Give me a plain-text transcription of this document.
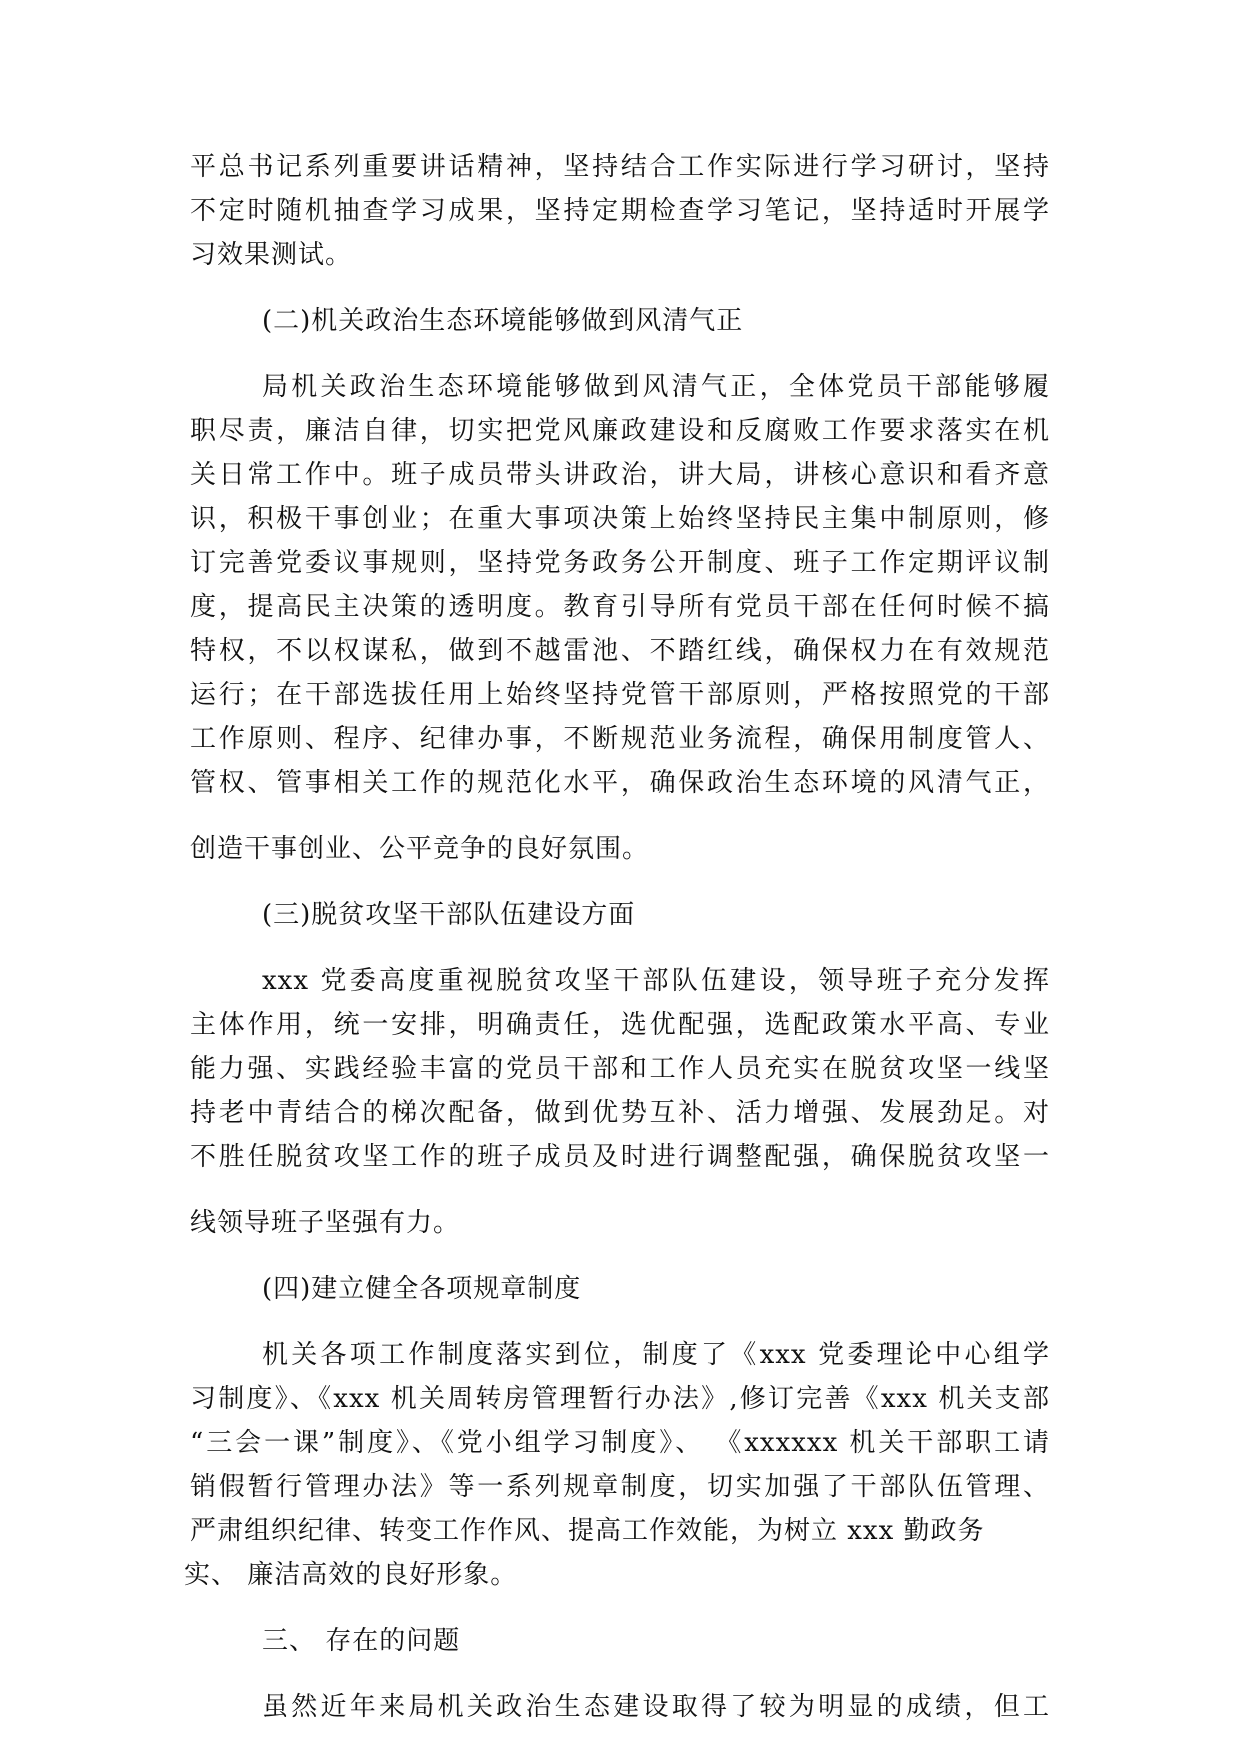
平总书记系列重要讲话精神，坚持结合工作实际进行学习研讨，坚持
不定时随机抽查学习成果，坚持定期检查学习笔记，坚持适时开展学
习效果测试。
(二)机关政治生态环境能够做到风清气正
局机关政治生态环境能够做到风清气正，全体党员干部能够履
职尽责，廉洁自律，切实把党风廉政建设和反腐败工作要求落实在机
关日常工作中。班子成员带头讲政治，讲大局，讲核心意识和看齐意
识，积极干事创业；在重大事项决策上始终坚持民主集中制原则，修
订完善党委议事规则，坚持党务政务公开制度、班子工作定期评议制
度，提高民主决策的透明度。教育引导所有党员干部在任何时候不搞
特权，不以权谋私，做到不越雷池、不踏红线，确保权力在有效规范
运行；在干部选拔任用上始终坚持党管干部原则，严格按照党的干部
工作原则、程序、纪律办事，不断规范业务流程，确保用制度管人、
管权、管事相关工作的规范化水平，确保政治生态环境的风清气正，
创造干事创业、公平竞争的良好氛围。
(三)脱贫攻坚干部队伍建设方面
xxx 党委高度重视脱贫攻坚干部队伍建设，领导班子充分发挥
主体作用，统一安排，明确责任，选优配强，选配政策水平高、专业
能力强、实践经验丰富的党员干部和工作人员充实在脱贫攻坚一线坚
持老中青结合的梯次配备，做到优势互补、活力增强、发展劲足。对
不胜任脱贫攻坚工作的班子成员及时进行调整配强，确保脱贫攻坚一
线领导班子坚强有力。
(四)建立健全各项规章制度
机关各项工作制度落实到位，制度了《xxx 党委理论中心组学
习制度》、《xxx 机关周转房管理暂行办法》,修订完善《xxx 机关支部
“三会一课”制度》、《党小组学习制度》、 《xxxxxx 机关干部职工请
销假暂行管理办法》等一系列规章制度，切实加强了干部队伍管理、
严肃组织纪律、转变工作作风、提高工作效能，为树立 xxx 勤政务
实、 廉洁高效的良好形象。
三、 存在的问题
虽然近年来局机关政治生态建设取得了较为明显的成绩，但工
